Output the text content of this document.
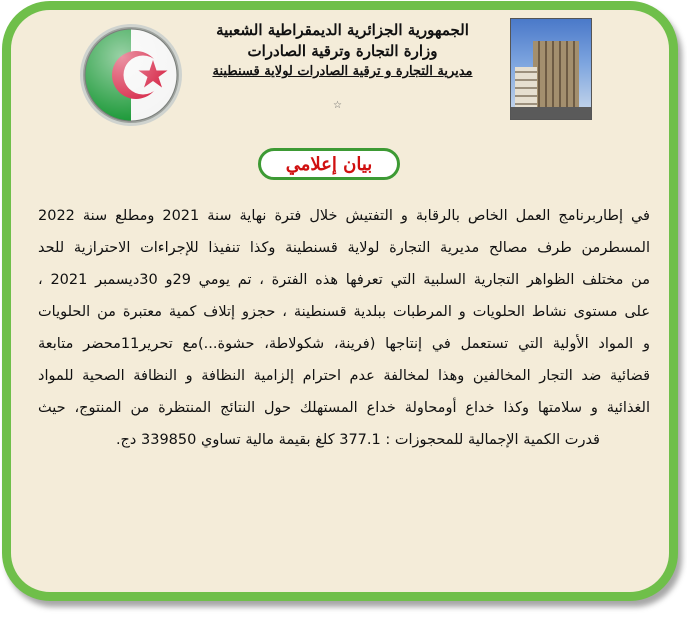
الجمهورية الجزائرية الديمقراطية الشعبية
وزارة التجارة وترقية الصادرات
مديرية التجارة و ترقية الصادرات لولاية قسنطينة
☆
بيان إعلامي
في إطاربرنامج العمل الخاص بالرقابة و التفتيش خلال فترة نهاية سنة 2021 ومطلع سنة 2022
المسطرمن طرف مصالح مديرية التجارة لولاية قسنطينة وكذا تنفيذا للإجراءات الاحترازية للحد
من مختلف الظواهر التجارية السلبية التي تعرفها هذه الفترة ، تم يومي 29و 30ديسمبر 2021 ،
على مستوى نشاط الحلويات و المرطبات ببلدية قسنطينة ، حجزو إتلاف كمية معتبرة من الحلويات
و المواد الأولية التي تستعمل في إنتاجها (فرينة، شكولاطة، حشوة...)مع تحرير11محضر متابعة
قضائية ضد التجار المخالفين وهذا لمخالفة عدم احترام إلزامية النظافة و النظافة الصحية للمواد
الغذائية و سلامتها وكذا خداع أومحاولة خداع المستهلك حول النتائج المنتظرة من المنتوج، حيث
قدرت الكمية الإجمالية للمحجوزات : 377.1 كلغ بقيمة مالية تساوي 339850 دج.
